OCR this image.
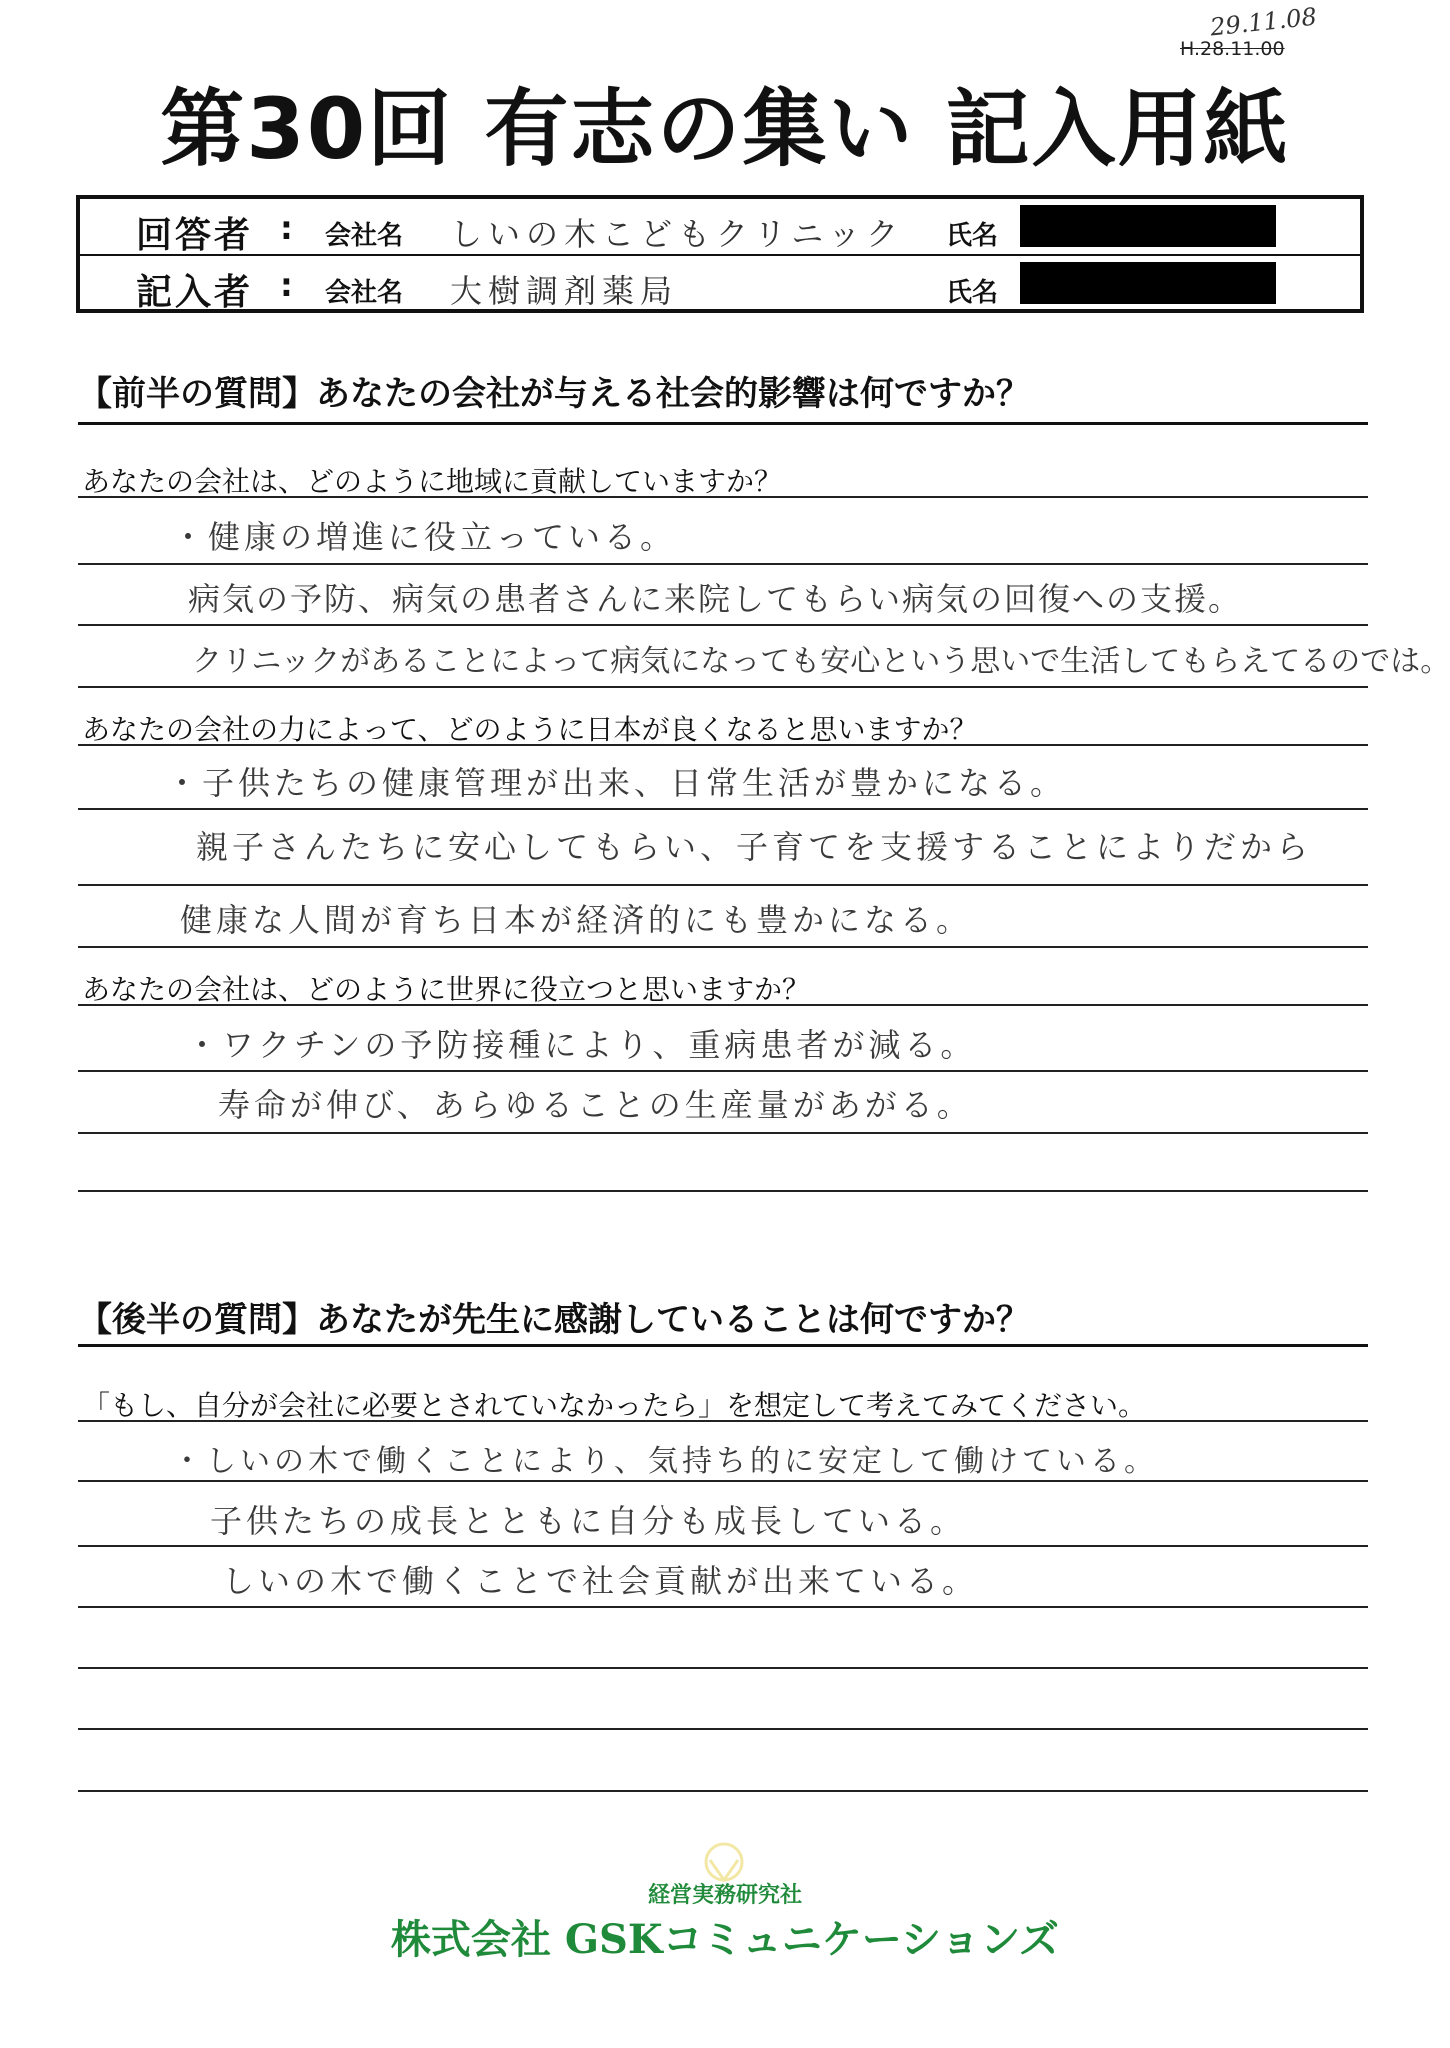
29.11.08
H.28.11.00
第30回 有志の集い 記入用紙
回答者 : 会社名 しいの木こどもクリニック 氏名
記入者 : 会社名 大樹調剤薬局	氏名
【前半の質問】あなたの会社が与える社会的影響は何ですか？
あなたの会社は、どのように地域に貢献していますか？
・健康の増進に役立っている。
病気の予防、病気の患者さんに来院してもらい病気の回復への支援。
クリニックがあることによって病気になっても安心という思いで生活してもらえてるのでは。
あなたの会社の力によって、どのように日本が良くなると思いますか？
・子供たちの健康管理が出来、日常生活が豊かになる。
親子さんたちに安心してもらい、子育てを支援することによりだから
健康な人間が育ち日本が経済的にも豊かになる。
あなたの会社は、どのように世界に役立つと思いますか？
・ワクチンの予防接種により、重病患者が減る。
寿命が伸び、あらゆることの生産量があがる。
【後半の質問】あなたが先生に感謝していることは何ですか？
「もし、自分が会社に必要とされていなかったら」を想定して考えてみてください。
・しいの木で働くことにより、気持ち的に安定して働けている。
子供たちの成長とともに自分も成長している。
しいの木で働くことで社会貢献が出来ている。
経営実務研究社
株式会社 GSKコミュニケーションズ
